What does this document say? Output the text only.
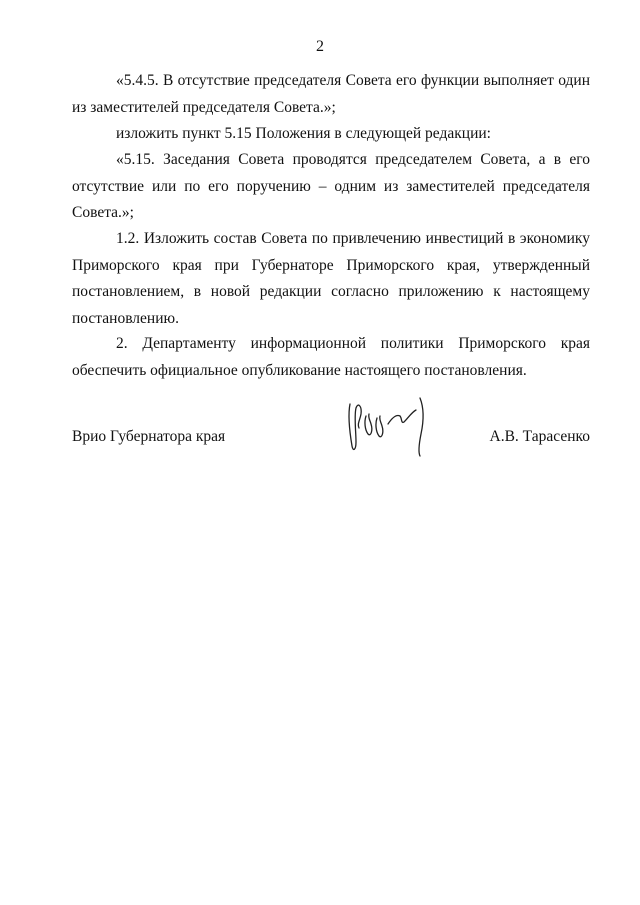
2

«5.4.5. В отсутствие председателя Совета его функции выполняет один из заместителей председателя Совета.»;

изложить пункт 5.15 Положения в следующей редакции:

«5.15. Заседания Совета проводятся председателем Совета, а в его отсутствие или по его поручению – одним из заместителей председателя Совета.»;

1.2. Изложить состав Совета по привлечению инвестиций в экономику Приморского края при Губернаторе Приморского края, утвержденный постановлением, в новой редакции согласно приложению к настоящему постановлению.

2. Департаменту информационной политики Приморского края обеспечить официальное опубликование настоящего постановления.

Врио Губернатора края	А.В. Тарасенко
